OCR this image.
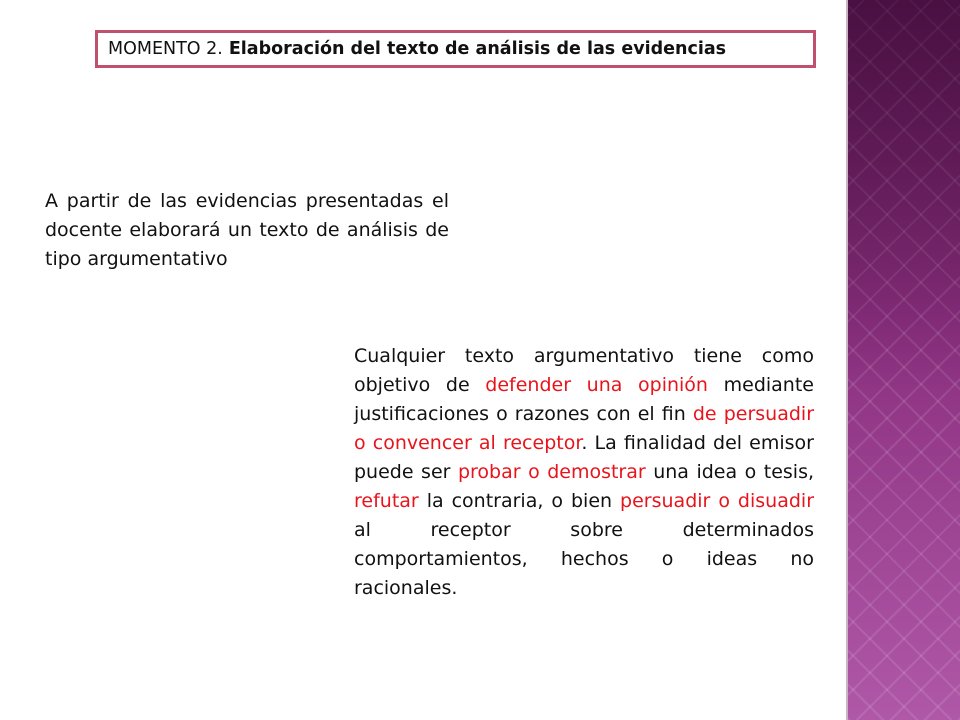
MOMENTO 2. Elaboración del texto de análisis de las evidencias
A partir de las evidencias presentadas el docente elaborará un texto de análisis de tipo argumentativo
Cualquier texto argumentativo tiene como objetivo de defender una opinión mediante justificaciones o razones con el fin de persuadir o convencer al receptor. La finalidad del emisor puede ser probar o demostrar una idea o tesis, refutar la contraria, o bien persuadir o disuadir al receptor sobre determinados comportamientos, hechos o ideas no racionales.
